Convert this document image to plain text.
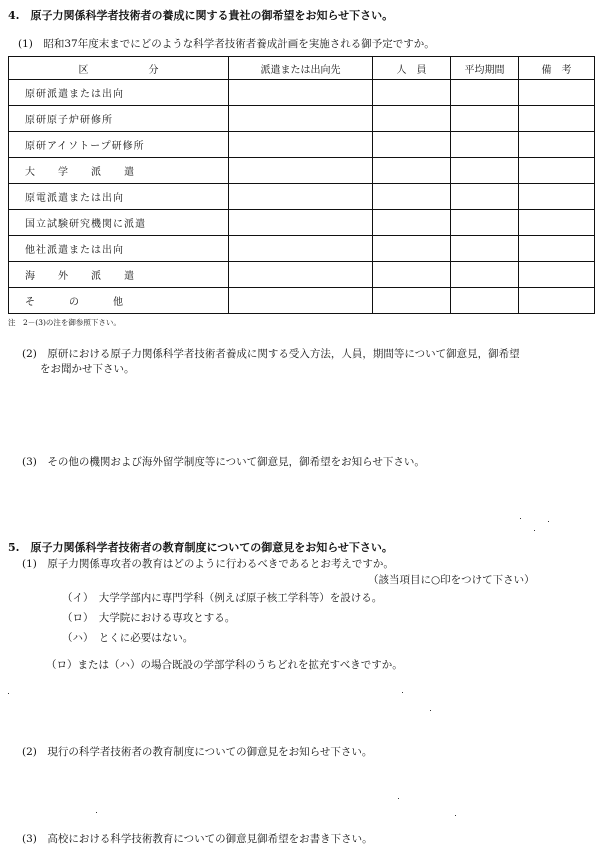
4.　原子力関係科学者技術者の養成に関する貴社の御希望をお知らせ下さい。
(1)　昭和37年度末までにどのような科学者技術者養成計画を実施される御予定ですか。
区　　　　　　分	派遣または出向先	人　員	平均期間	備　考
原研派遣または出向				
原研原子炉研修所				
原研アイソトープ研修所				
大　　学　　派　　遣				
原電派遣または出向				
国立試験研究機関に派遣				
他社派遣または出向				
海　　外　　派　　遣				
そ　　　の　　　他				
注　2－(3)の注を御参照下さい。
(2)　原研における原子力関係科学者技術者養成に関する受入方法，人員，期間等について御意見，御希望
をお聞かせ下さい。
(3)　その他の機関および海外留学制度等について御意見，御希望をお知らせ下さい。
5.　原子力関係科学者技術者の教育制度についての御意見をお知らせ下さい。
(1)　原子力関係専攻者の教育はどのように行わるべきであるとお考えですか。
（該当項目に○印をつけて下さい）
（イ）　大学学部内に専門学科（例えば原子核工学科等）を設ける。
（ロ）　大学院における専攻とする。
（ハ）　とくに必要はない。
（ロ）または（ハ）の場合既設の学部学科のうちどれを拡充すべきですか。
(2)　現行の科学者技術者の教育制度についての御意見をお知らせ下さい。
(3)　高校における科学技術教育についての御意見御希望をお書き下さい。
